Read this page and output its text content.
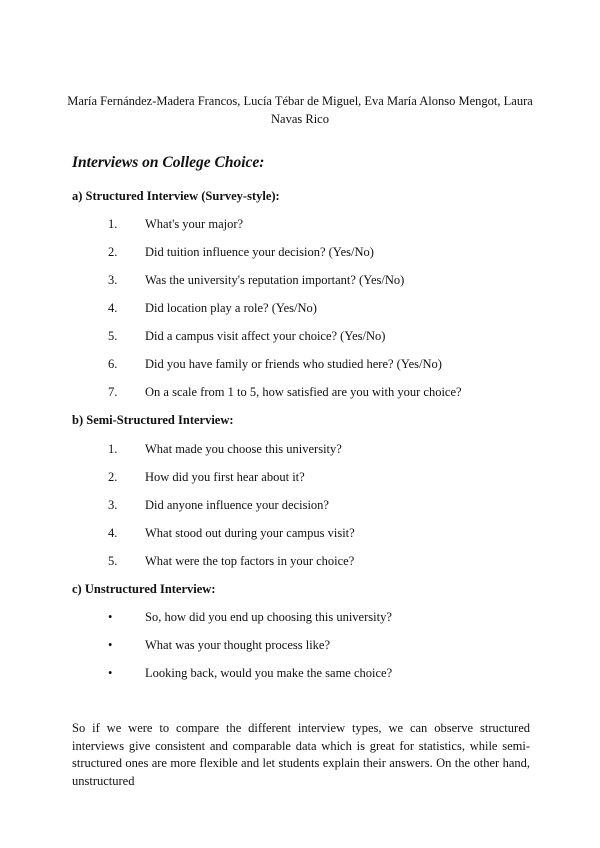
María Fernández-Madera Francos, Lucía Tébar de Miguel, Eva María Alonso Mengot, Laura Navas Rico
Interviews on College Choice:
a) Structured Interview (Survey-style):
1. What's your major?
2. Did tuition influence your decision? (Yes/No)
3. Was the university's reputation important? (Yes/No)
4. Did location play a role? (Yes/No)
5. Did a campus visit affect your choice? (Yes/No)
6. Did you have family or friends who studied here? (Yes/No)
7. On a scale from 1 to 5, how satisfied are you with your choice?
b) Semi-Structured Interview:
1. What made you choose this university?
2. How did you first hear about it?
3. Did anyone influence your decision?
4. What stood out during your campus visit?
5. What were the top factors in your choice?
c) Unstructured Interview:
•	So, how did you end up choosing this university?
•	What was your thought process like?
•	Looking back, would you make the same choice?

So if we were to compare the different interview types, we can observe structured interviews give consistent and comparable data which is great for statistics, while semi-structured ones are more flexible and let students explain their answers. On the other hand, unstructured
